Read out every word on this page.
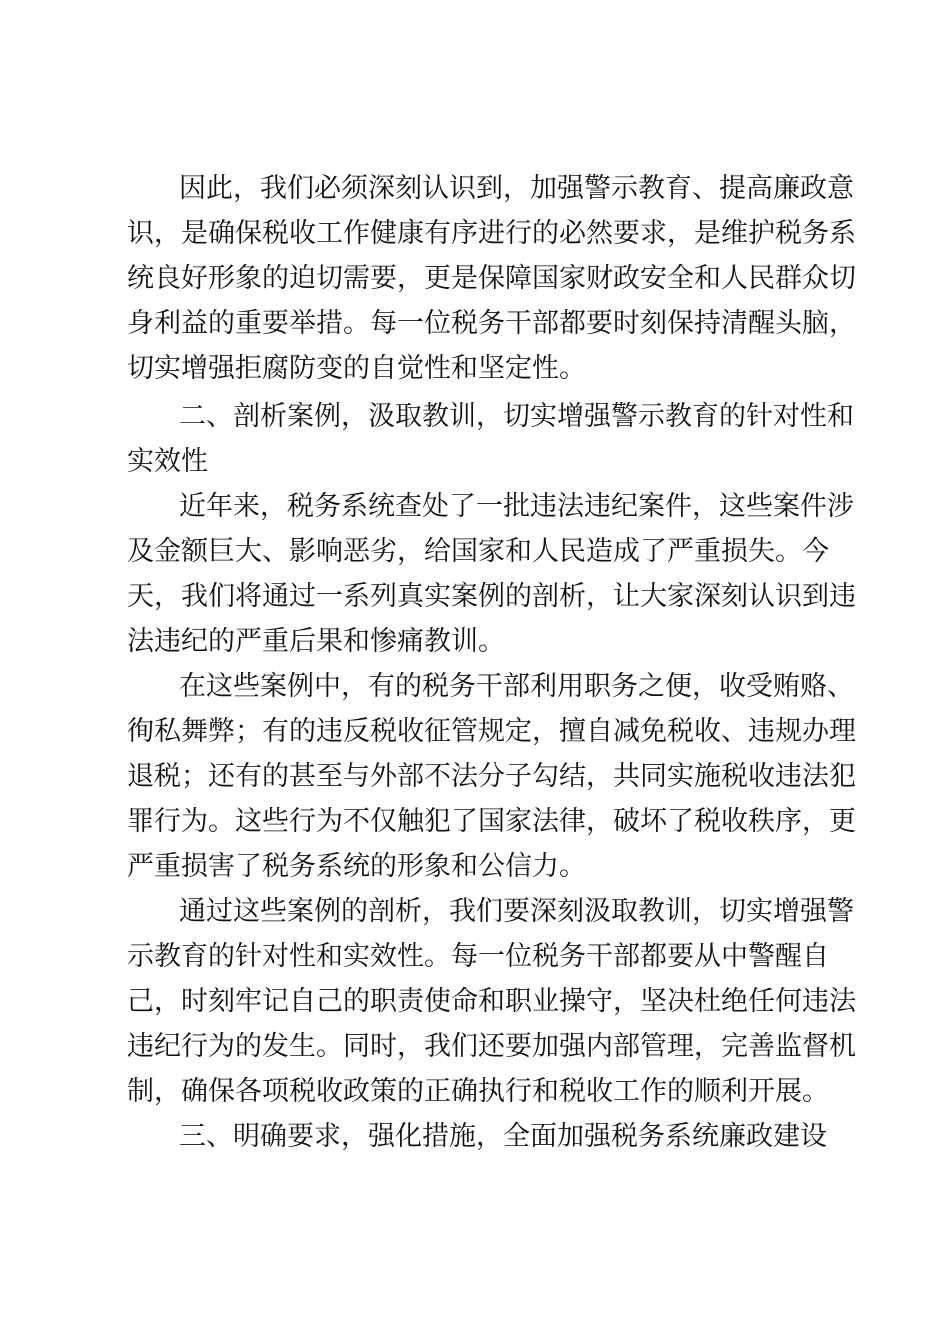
因此，我们必须深刻认识到，加强警示教育、提高廉政意
识，是确保税收工作健康有序进行的必然要求，是维护税务系
统良好形象的迫切需要，更是保障国家财政安全和人民群众切
身利益的重要举措。每一位税务干部都要时刻保持清醒头脑，
切实增强拒腐防变的自觉性和坚定性。
二、剖析案例，汲取教训，切实增强警示教育的针对性和
实效性
近年来，税务系统查处了一批违法违纪案件，这些案件涉
及金额巨大、影响恶劣，给国家和人民造成了严重损失。今
天，我们将通过一系列真实案例的剖析，让大家深刻认识到违
法违纪的严重后果和惨痛教训。
在这些案例中，有的税务干部利用职务之便，收受贿赂、
徇私舞弊；有的违反税收征管规定，擅自减免税收、违规办理
退税；还有的甚至与外部不法分子勾结，共同实施税收违法犯
罪行为。这些行为不仅触犯了国家法律，破坏了税收秩序，更
严重损害了税务系统的形象和公信力。
通过这些案例的剖析，我们要深刻汲取教训，切实增强警
示教育的针对性和实效性。每一位税务干部都要从中警醒自
己，时刻牢记自己的职责使命和职业操守，坚决杜绝任何违法
违纪行为的发生。同时，我们还要加强内部管理，完善监督机
制，确保各项税收政策的正确执行和税收工作的顺利开展。
三、明确要求，强化措施，全面加强税务系统廉政建设
